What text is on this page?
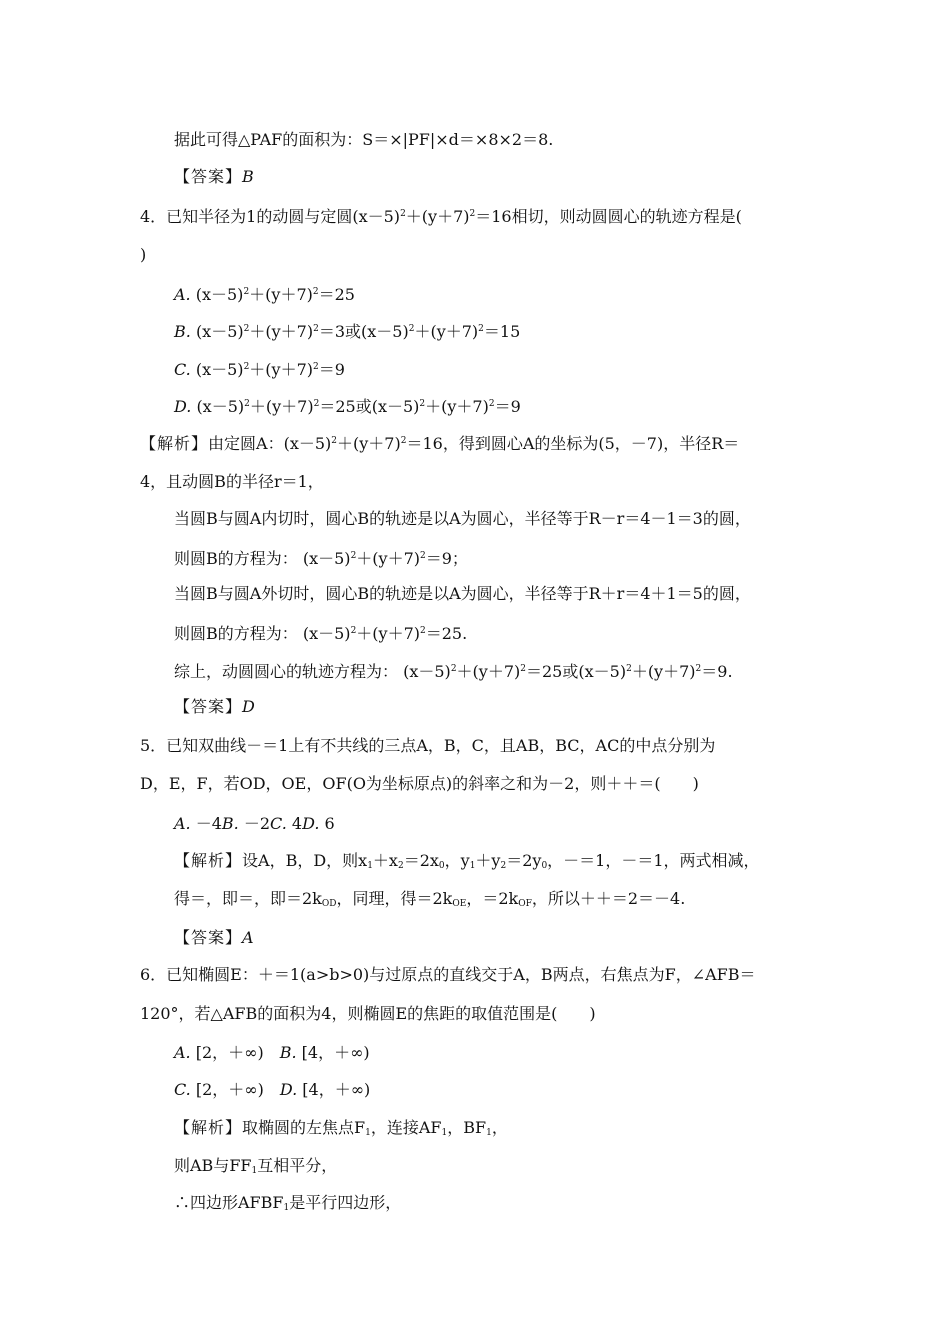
据此可得△PAF的面积为：S＝×|PF|×d＝×8×2＝8.
【答案】B
4．已知半径为1的动圆与定圆$(x-5)^2+(y+7)^2=16$相切，则动圆圆心的轨迹方程是(
)
A. $(x-5)^2+(y+7)^2=25$
B. $(x-5)^2+(y+7)^2=3$或$(x-5)^2+(y+7)^2=15$
C. $(x-5)^2+(y+7)^2=9$
D. $(x-5)^2+(y+7)^2=25$或$(x-5)^2+(y+7)^2=9$
【解析】由定圆A：$(x-5)^2+(y+7)^2=16$，得到圆心A的坐标为(5，－7)，半径R＝
4，且动圆B的半径r＝1，
当圆B与圆A内切时，圆心B的轨迹是以A为圆心，半径等于R－r＝4－1＝3的圆，
则圆B的方程为： $(x-5)^2+(y+7)^2=9$；
当圆B与圆A外切时，圆心B的轨迹是以A为圆心，半径等于R＋r＝4＋1＝5的圆，
则圆B的方程为： $(x-5)^2+(y+7)^2=25$.
综上，动圆圆心的轨迹方程为： $(x-5)^2+(y+7)^2=25$或$(x-5)^2+(y+7)^2=9$.
【答案】D
5．已知双曲线－＝1上有不共线的三点A，B，C，且AB，BC，AC的中点分别为
D，E，F，若OD，OE，OF(O为坐标原点)的斜率之和为－2，则＋＋＝(　　)
A. －4B. －2C. 4D. 6
【解析】设A，B，D，则$x_1+x_2=2x_0$，$y_1+y_2=2y_0$，－＝1，－＝1，两式相减，
得＝，即＝，即$=2k_{OD}$，同理，得$=2k_{OE}$，$=2k_{OF}$，所以＋＋＝2＝－4.
【答案】A
6．已知椭圆E：＋＝1(a>b>0)与过原点的直线交于A，B两点，右焦点为F，∠AFB＝
120°，若△AFB的面积为4，则椭圆E的焦距的取值范围是(　　)
A. [2，＋∞)　B. [4，＋∞)
C. [2，＋∞)　D. [4，＋∞)
【解析】取椭圆的左焦点$F_1$，连接$AF_1$，$BF_1$，
则AB与$FF_1$互相平分，
∴四边形$AFBF_1$是平行四边形，
